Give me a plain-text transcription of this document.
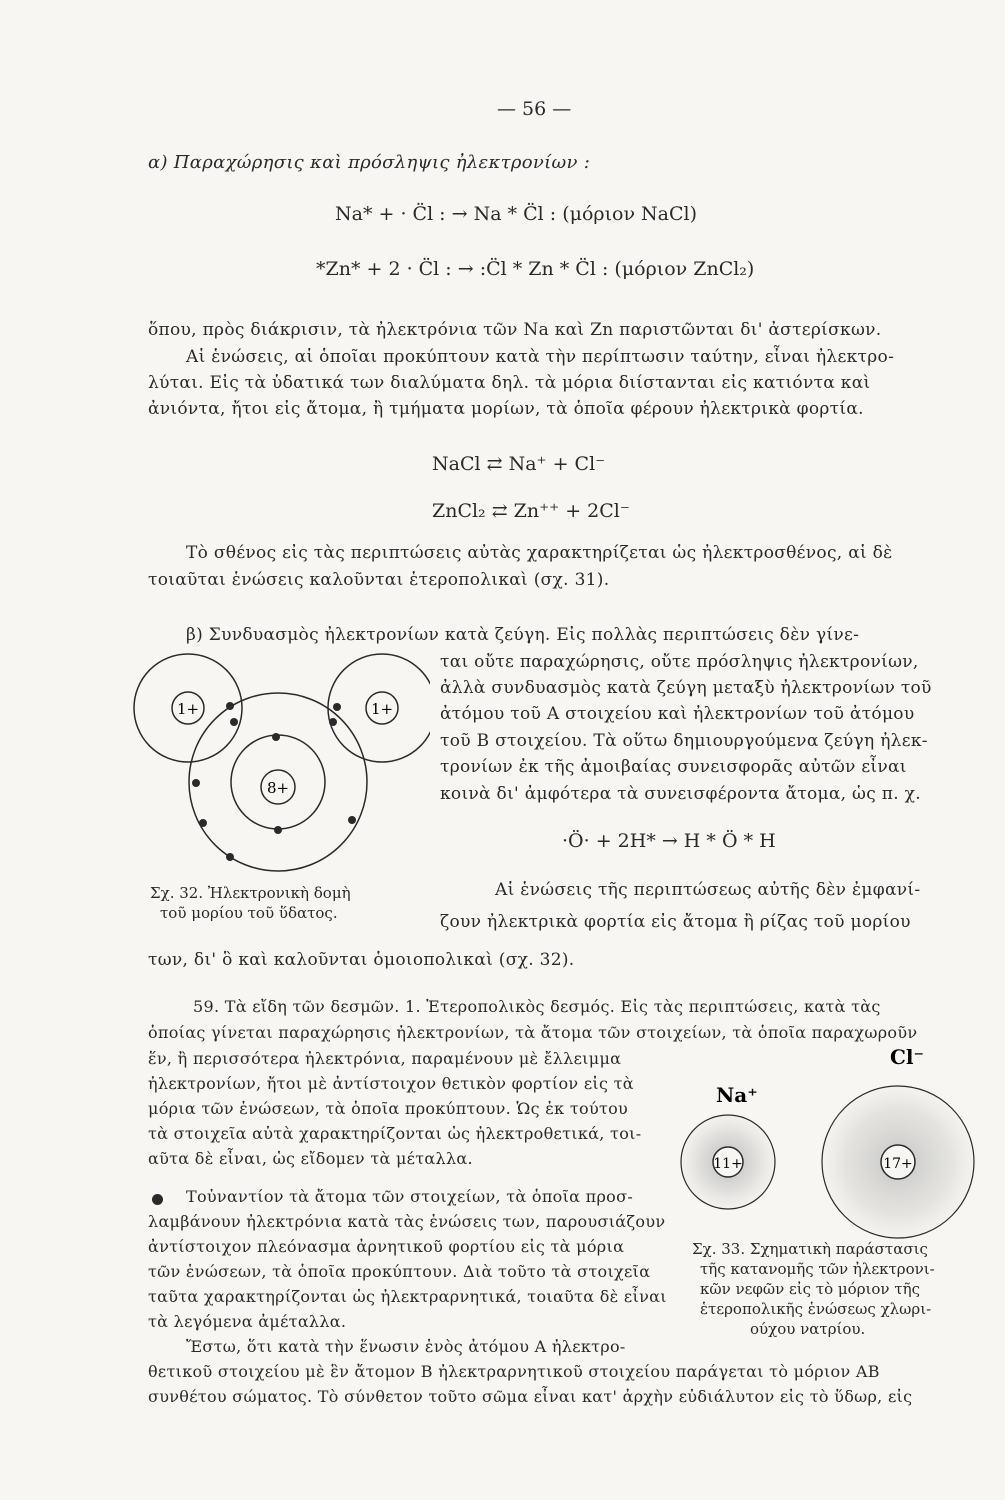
— 56 —
α) Παραχώρησις καὶ πρόσληψις ἠλεκτρονίων :
Na* + · C̈l : → Na * C̈l : (μόριον NaCl)
*Zn* + 2 · C̈l : → :C̈l * Zn * C̈l : (μόριον ZnCl₂)
ὅπου, πρὸς διάκρισιν, τὰ ἠλεκτρόνια τῶν Na καὶ Zn παριστῶνται δι' ἀστερίσκων.
Αἱ ἑνώσεις, αἱ ὁποῖαι προκύπτουν κατὰ τὴν περίπτωσιν ταύτην, εἶναι ἠλεκτρο-
λύται. Εἰς τὰ ὑδατικά των διαλύματα δηλ. τὰ μόρια διίστανται εἰς κατιόντα καὶ
ἀνιόντα, ἤτοι εἰς ἄτομα, ἢ τμήματα μορίων, τὰ ὁποῖα φέρουν ἠλεκτρικὰ φορτία.
NaCl ⇄ Na⁺ + Cl⁻
ZnCl₂ ⇄ Zn⁺⁺ + 2Cl⁻
Τὸ σθένος εἰς τὰς περιπτώσεις αὐτὰς χαρακτηρίζεται ὡς ἠλεκτροσθένος, αἱ δὲ
τοιαῦται ἑνώσεις καλοῦνται ἑτεροπολικαὶ (σχ. 31).
β) Συνδυασμὸς ἠλεκτρονίων κατὰ ζεύγη. Εἰς πολλὰς περιπτώσεις δὲν γίνε-
ται οὔτε παραχώρησις, οὔτε πρόσληψις ἠλεκτρονίων,
ἀλλὰ συνδυασμὸς κατὰ ζεύγη μεταξὺ ἠλεκτρονίων τοῦ
ἀτόμου τοῦ A στοιχείου καὶ ἠλεκτρονίων τοῦ ἀτόμου
τοῦ B στοιχείου. Τὰ οὕτω δημιουργούμενα ζεύγη ἠλεκ-
τρονίων ἐκ τῆς ἀμοιβαίας συνεισφορᾶς αὐτῶν εἶναι
κοινὰ δι' ἀμφότερα τὰ συνεισφέροντα ἄτομα, ὡς π. χ.
·Ö· + 2H* → H * Ö * H
Αἱ ἑνώσεις τῆς περιπτώσεως αὐτῆς δὲν ἐμφανί-
ζουν ἠλεκτρικὰ φορτία εἰς ἄτομα ἢ ρίζας τοῦ μορίου
των, δι' ὃ καὶ καλοῦνται ὁμοιοπολικαὶ (σχ. 32).
1+	1+
8+
Σχ. 32. Ἠλεκτρονικὴ δομὴ
τοῦ μορίου τοῦ ὕδατος.
59. Τὰ εἴδη τῶν δεσμῶν. 1. Ἑτεροπολικὸς δεσμός. Εἰς τὰς περιπτώσεις, κατὰ τὰς
ὁποίας γίνεται παραχώρησις ἠλεκτρονίων, τὰ ἄτομα τῶν στοιχείων, τὰ ὁποῖα παραχωροῦν
ἕν, ἢ περισσότερα ἠλεκτρόνια, παραμένουν μὲ ἔλλειμμα
ἠλεκτρονίων, ἤτοι μὲ ἀντίστοιχον θετικὸν φορτίον εἰς τὰ
μόρια τῶν ἑνώσεων, τὰ ὁποῖα προκύπτουν. Ὡς ἐκ τούτου
τὰ στοιχεῖα αὐτὰ χαρακτηρίζονται ὡς ἠλεκτροθετικά, τοι-
αῦτα δὲ εἶναι, ὡς εἴδομεν τὰ μέταλλα.
Τοὐναντίον τὰ ἄτομα τῶν στοιχείων, τὰ ὁποῖα προσ-
λαμβάνουν ἠλεκτρόνια κατὰ τὰς ἑνώσεις των, παρουσιάζουν
ἀντίστοιχον πλεόνασμα ἀρνητικοῦ φορτίου εἰς τὰ μόρια
τῶν ἑνώσεων, τὰ ὁποῖα προκύπτουν. Διὰ τοῦτο τὰ στοιχεῖα
ταῦτα χαρακτηρίζονται ὡς ἠλεκτραρνητικά, τοιαῦτα δὲ εἶναι
τὰ λεγόμενα ἀμέταλλα.
11+	17+
Na⁺
Cl⁻
Σχ. 33. Σχηματικὴ παράστασις
τῆς κατανομῆς τῶν ἠλεκτρονι-
κῶν νεφῶν εἰς τὸ μόριον τῆς
ἑτεροπολικῆς ἑνώσεως χλωρι-
ούχου νατρίου.
Ἔστω, ὅτι κατὰ τὴν ἕνωσιν ἑνὸς ἀτόμου A ἠλεκτρο-
θετικοῦ στοιχείου μὲ ἓν ἄτομον B ἠλεκτραρνητικοῦ στοιχείου παράγεται τὸ μόριον AB
συνθέτου σώματος. Τὸ σύνθετον τοῦτο σῶμα εἶναι κατ' ἀρχὴν εὐδιάλυτον εἰς τὸ ὕδωρ, εἰς
